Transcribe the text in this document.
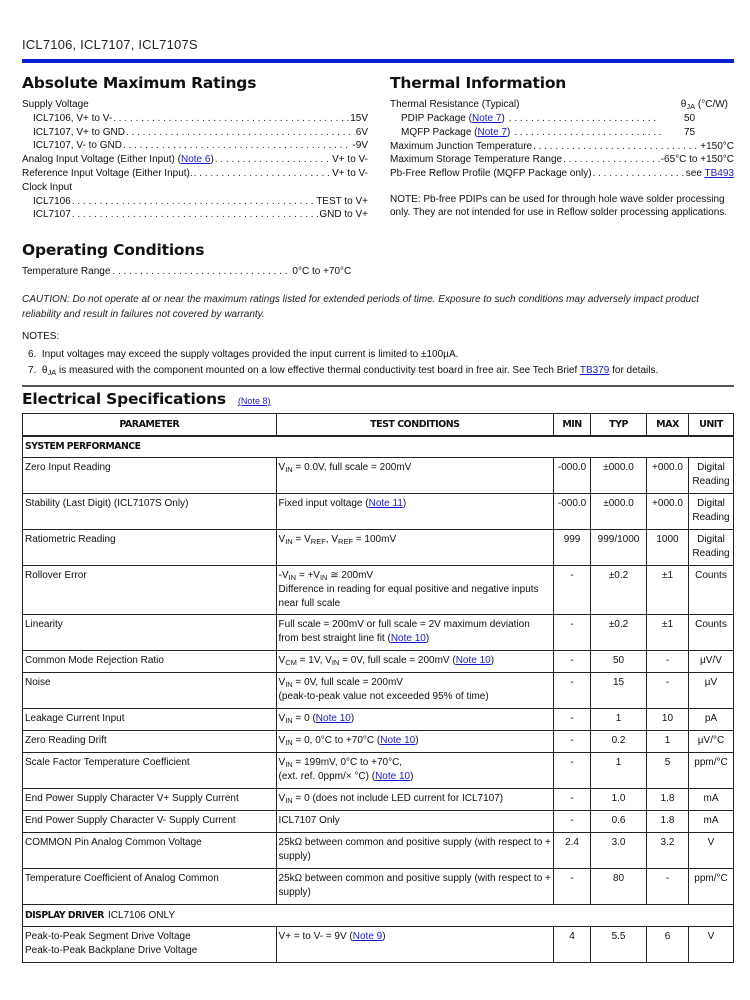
ICL7106, ICL7107, ICL7107S
Absolute Maximum Ratings
Supply Voltage
ICL7106, V+ to V- . . .	15V
ICL7107, V+ to GND . . .	6V
ICL7107, V- to GND . . .	-9V
Analog Input Voltage (Either Input) (Note 6) . . .	V+ to V-
Reference Input Voltage (Either Input). . . .	V+ to V-
Clock Input
ICL7106 . . .	TEST to V+
ICL7107 . . .	GND to V+
Thermal Information
Thermal Resistance (Typical)	$\theta_{JA}$ (°C/W)
PDIP Package ( Note 7 ) . . .	50
MQFP Package ( Note 7 ) . . .	75
Maximum Junction Temperature . . .	+150°C
Maximum Storage Temperature Range . . .	-65°C to +150°C
Pb-Free Reflow Profile (MQFP Package only) . . .	see TB493
NOTE: Pb-free PDIPs can be used for through hole wave solder processing only. They are not intended for use in Reflow solder processing applications.
Operating Conditions
Temperature Range . . .	0°C to +70°C
CAUTION: Do not operate at or near the maximum ratings listed for extended periods of time. Exposure to such conditions may adversely impact product reliability and result in failures not covered by warranty.
NOTES:
6. Input voltages may exceed the supply voltages provided the input current is limited to ±100µA.
7. $\theta_{JA}$ is measured with the component mounted on a low effective thermal conductivity test board in free air. See Tech Brief TB379 for details.
Electrical Specifications (Note 8)
PARAMETER	TEST CONDITIONS	MIN	TYP	MAX	UNIT
SYSTEM PERFORMANCE					
Zero Input Reading	$V_{IN} = 0.0V$, full scale = 200mV	-000.0	±000.0	+000.0	Digital Reading
Stability (Last Digit) (ICL7107S Only)	Fixed input voltage (Note 11)	-000.0	±000.0	+000.0	Digital Reading
Ratiometric Reading	$V_{IN} = V_{REF}$, $V_{REF} = 100mV$	999	999/1000	1000	Digital Reading
Rollover Error	$-V_{IN} = +V_{IN}$ ≅ 200mV
Difference in reading for equal positive and negative inputs near full scale	-	±0.2	±1	Counts
Linearity	Full scale = 200mV or full scale = 2V maximum deviation from best straight line fit (Note 10)	-	±0.2	±1	Counts
Common Mode Rejection Ratio	$V_{CM} = 1V$, $V_{IN} = 0V$, full scale = 200mV (Note 10)	-	50	-	µV/V
Noise	$V_{IN} = 0V$, full scale = 200mV
(peak-to-peak value not exceeded 95% of time)	-	15	-	µV
Leakage Current Input	$V_{IN} = 0$ (Note 10)	-	1	10	pA
Zero Reading Drift	$V_{IN} = 0$, 0°C to +70°C (Note 10)	-	0.2	1	µV/°C
Scale Factor Temperature Coefficient	$V_{IN} = 199mV$, 0°C to +70°C,
(ext. ref. 0ppm/× °C) (Note 10)	-	1	5	ppm/°C
End Power Supply Character V+ Supply Current	$V_{IN} = 0$ (does not include LED current for ICL7107)	-	1.0	1.8	mA
End Power Supply Character V- Supply Current	ICL7107 Only	-	0.6	1.8	mA
COMMON Pin Analog Common Voltage	25kΩ between common and positive supply (with respect to + supply)	2.4	3.0	3.2	V
Temperature Coefficient of Analog Common	25kΩ between common and positive supply (with respect to + supply)	-	80	-	ppm/°C
DISPLAY DRIVER ICL7106 ONLY					
Peak-to-Peak Segment Drive Voltage
Peak-to-Peak Backplane Drive Voltage	V+ = to V- = 9V (Note 9)	4	5.5	6	V
